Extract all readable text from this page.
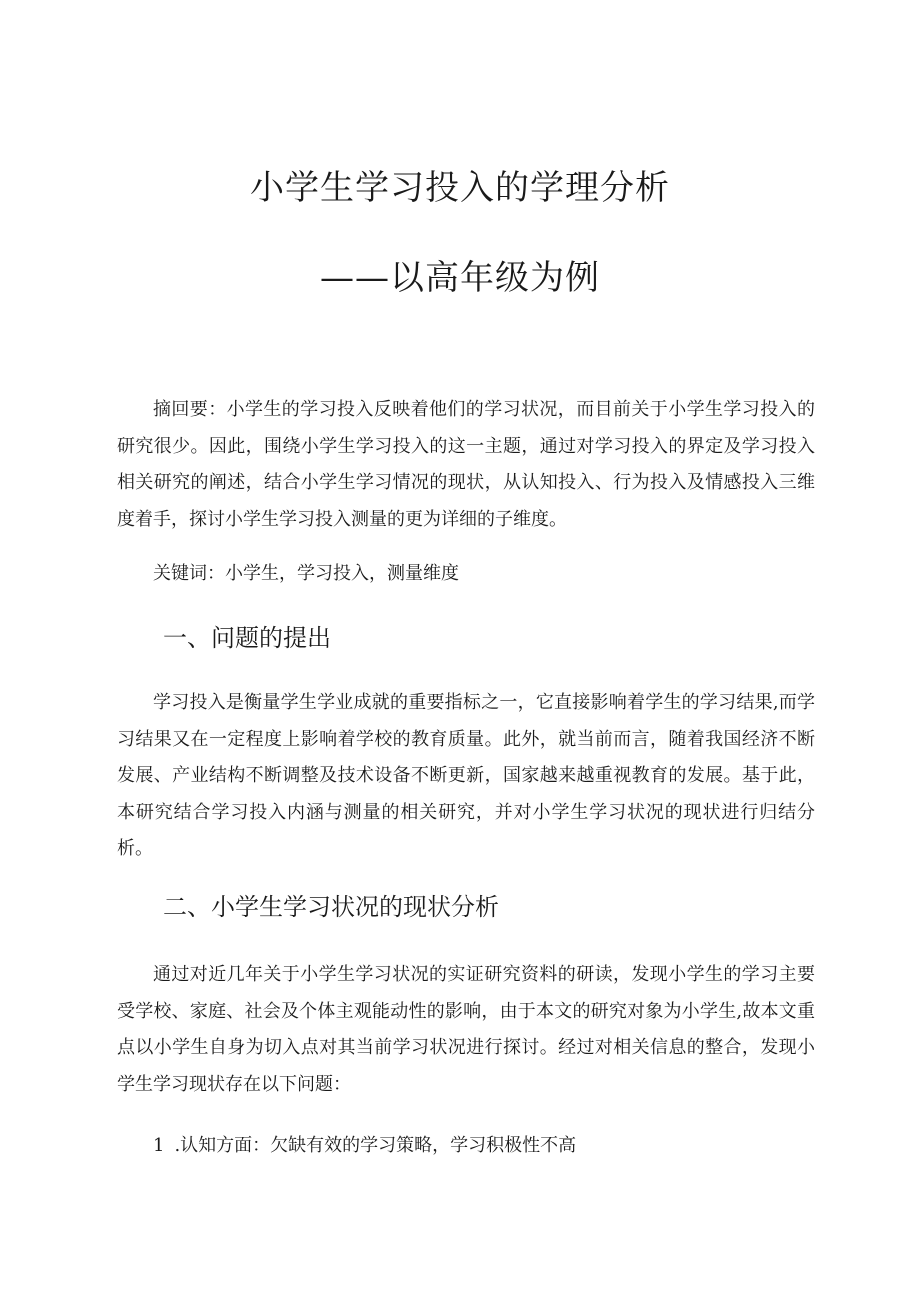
小学生学习投入的学理分析
——以高年级为例

摘回要：小学生的学习投入反映着他们的学习状况，而目前关于小学生学习投入的研究很少。因此，围绕小学生学习投入的这一主题，通过对学习投入的界定及学习投入相关研究的阐述，结合小学生学习情况的现状，从认知投入、行为投入及情感投入三维度着手，探讨小学生学习投入测量的更为详细的子维度。

关键词：小学生，学习投入，测量维度

一、问题的提出

学习投入是衡量学生学业成就的重要指标之一，它直接影响着学生的学习结果,而学习结果又在一定程度上影响着学校的教育质量。此外，就当前而言，随着我国经济不断发展、产业结构不断调整及技术设备不断更新，国家越来越重视教育的发展。基于此，本研究结合学习投入内涵与测量的相关研究，并对小学生学习状况的现状进行归结分析。

二、小学生学习状况的现状分析

通过对近几年关于小学生学习状况的实证研究资料的研读，发现小学生的学习主要受学校、家庭、社会及个体主观能动性的影响，由于本文的研究对象为小学生,故本文重点以小学生自身为切入点对其当前学习状况进行探讨。经过对相关信息的整合，发现小学生学习现状存在以下问题：

1 .认知方面：欠缺有效的学习策略，学习积极性不高
